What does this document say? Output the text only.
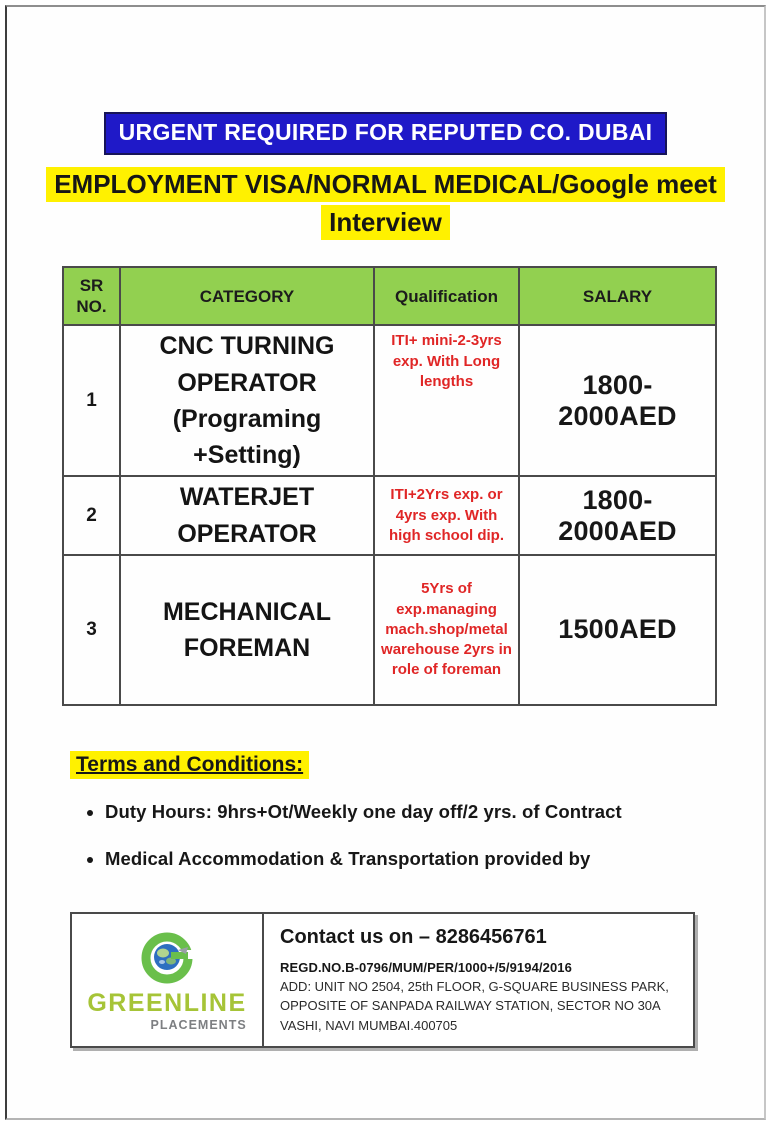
URGENT REQUIRED FOR REPUTED CO. DUBAI
EMPLOYMENT VISA/NORMAL MEDICAL/Google meet
Interview
SR NO.	CATEGORY	Qualification	SALARY
1	CNC TURNING OPERATOR (Programing +Setting)	ITI+ mini-2-3yrs exp. With Long lengths	1800-2000AED
2	WATERJET OPERATOR	ITI+2Yrs exp. or 4yrs exp. With high school dip.	1800-2000AED
3	MECHANICAL FOREMAN	5Yrs of exp.managing mach.shop/metal warehouse 2yrs in role of foreman	1500AED
Terms and Conditions:
• Duty Hours: 9hrs+Ot/Weekly one day off/2 yrs. of Contract
• Medical Accommodation & Transportation provided by
GREENLINE
PLACEMENTS
Contact us on – 8286456761
REGD.NO.B-0796/MUM/PER/1000+/5/9194/2016
ADD: UNIT NO 2504, 25th FLOOR, G-SQUARE BUSINESS PARK, OPPOSITE OF SANPADA RAILWAY STATION, SECTOR NO 30A VASHI, NAVI MUMBAI.400705
